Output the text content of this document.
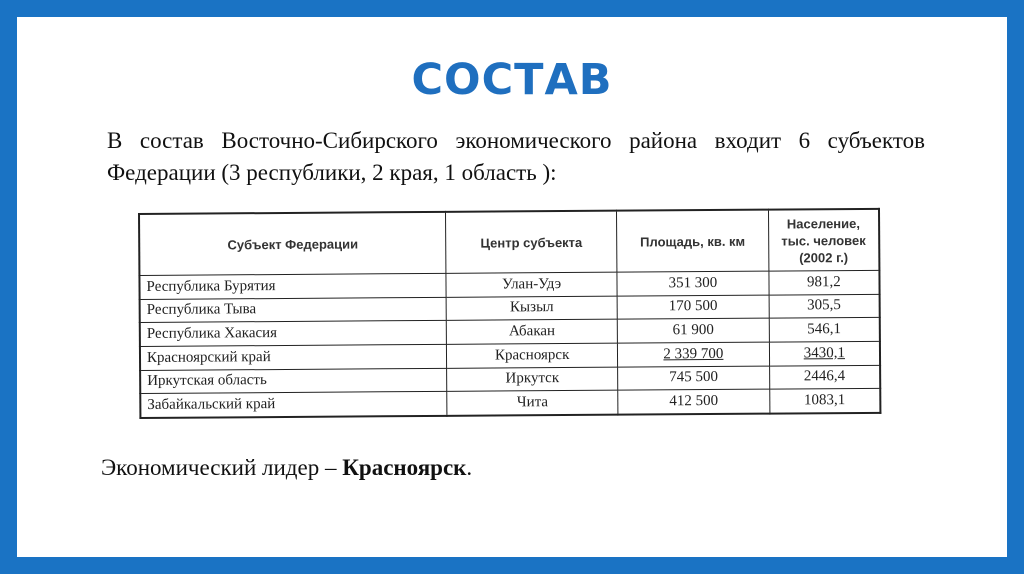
СОСТАВ
В состав Восточно-Сибирского экономического района входит 6 субъектов Федерации (3 республики, 2 края, 1 область ):
Субъект Федерации	Центр субъекта	Площадь, кв. км	Население, тыс. человек (2002 г.)
Республика Бурятия	Улан-Удэ	351 300	981,2
Республика Тыва	Кызыл	170 500	305,5
Республика Хакасия	Абакан	61 900	546,1
Красноярский край	Красноярск	2 339 700	3430,1
Иркутская область	Иркутск	745 500	2446,4
Забайкальский край	Чита	412 500	1083,1
Экономический лидер – Красноярск.
